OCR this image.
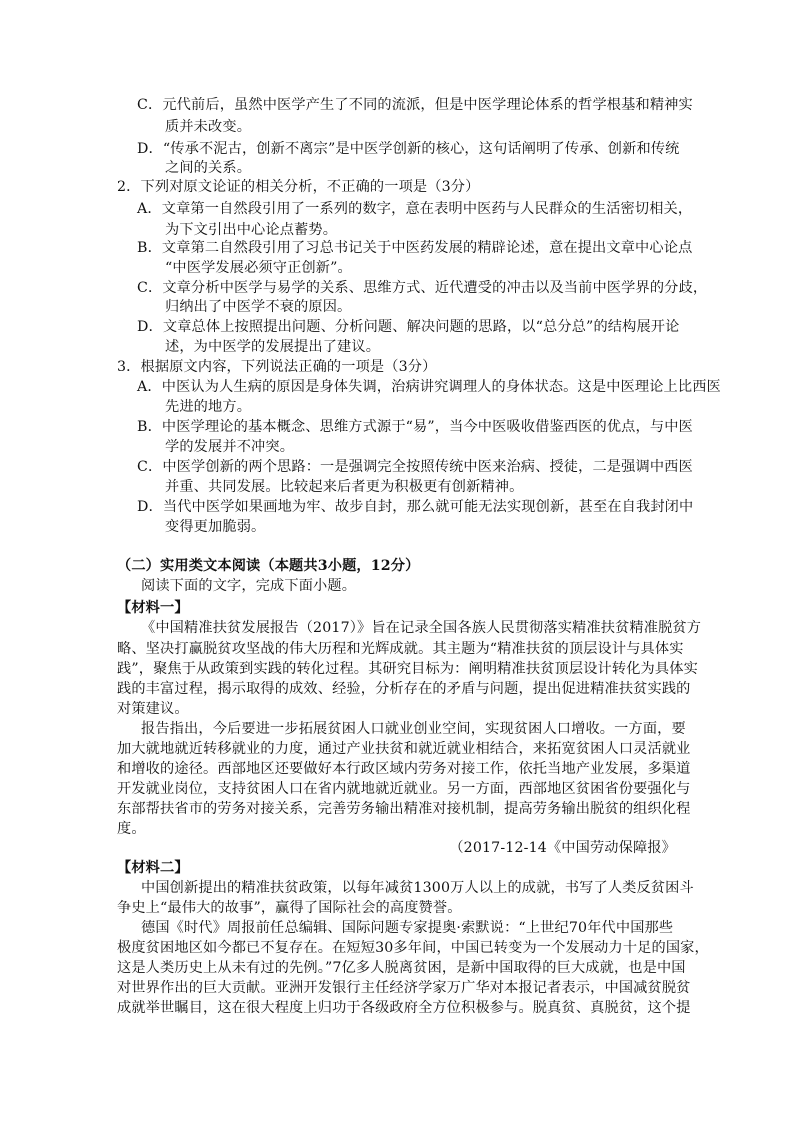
C．元代前后，虽然中医学产生了不同的流派，但是中医学理论体系的哲学根基和精神实
质并未改变。
D．“传承不泥古，创新不离宗”是中医学创新的核心，这句话阐明了传承、创新和传统
之间的关系。
2．下列对原文论证的相关分析，不正确的一项是（3分）
A．文章第一自然段引用了一系列的数字，意在表明中医药与人民群众的生活密切相关，
为下文引出中心论点蓄势。
B．文章第二自然段引用了习总书记关于中医药发展的精辟论述，意在提出文章中心论点
“中医学发展必须守正创新”。
C．文章分析中医学与易学的关系、思维方式、近代遭受的冲击以及当前中医学界的分歧，
归纳出了中医学不衰的原因。
D．文章总体上按照提出问题、分析问题、解决问题的思路，以“总分总”的结构展开论
述，为中医学的发展提出了建议。
3．根据原文内容，下列说法正确的一项是（3分）
A．中医认为人生病的原因是身体失调，治病讲究调理人的身体状态。这是中医理论上比西医
先进的地方。
B．中医学理论的基本概念、思维方式源于“易”，当今中医吸收借鉴西医的优点，与中医
学的发展并不冲突。
C．中医学创新的两个思路：一是强调完全按照传统中医来治病、授徒，二是强调中西医
并重、共同发展。比较起来后者更为积极更有创新精神。
D．当代中医学如果画地为牢、故步自封，那么就可能无法实现创新，甚至在自我封闭中
变得更加脆弱。
（二）实用类文本阅读（本题共3小题，12分）
阅读下面的文字，完成下面小题。
【材料一】
《中国精准扶贫发展报告（2017）》旨在记录全国各族人民贯彻落实精准扶贫精准脱贫方
略、坚决打赢脱贫攻坚战的伟大历程和光辉成就。其主题为“精准扶贫的顶层设计与具体实
践”，聚焦于从政策到实践的转化过程。其研究目标为：阐明精准扶贫顶层设计转化为具体实
践的丰富过程，揭示取得的成效、经验，分析存在的矛盾与问题，提出促进精准扶贫实践的
对策建议。
报告指出，今后要进一步拓展贫困人口就业创业空间，实现贫困人口增收。一方面，要
加大就地就近转移就业的力度，通过产业扶贫和就近就业相结合，来拓宽贫困人口灵活就业
和增收的途径。西部地区还要做好本行政区域内劳务对接工作，依托当地产业发展，多渠道
开发就业岗位，支持贫困人口在省内就地就近就业。另一方面，西部地区贫困省份要强化与
东部帮扶省市的劳务对接关系，完善劳务输出精准对接机制，提高劳务输出脱贫的组织化程
度。
（2017-12-14《中国劳动保障报》
【材料二】
中国创新提出的精准扶贫政策，以每年减贫1300万人以上的成就，书写了人类反贫困斗
争史上“最伟大的故事”，赢得了国际社会的高度赞誉。
德国《时代》周报前任总编辑、国际问题专家提奥·索默说：“上世纪70年代中国那些
极度贫困地区如今都已不复存在。在短短30多年间，中国已转变为一个发展动力十足的国家，
这是人类历史上从未有过的先例。”7亿多人脱离贫困，是新中国取得的巨大成就，也是中国
对世界作出的巨大贡献。亚洲开发银行主任经济学家万广华对本报记者表示，中国减贫脱贫
成就举世瞩目，这在很大程度上归功于各级政府全方位积极参与。脱真贫、真脱贫，这个提
